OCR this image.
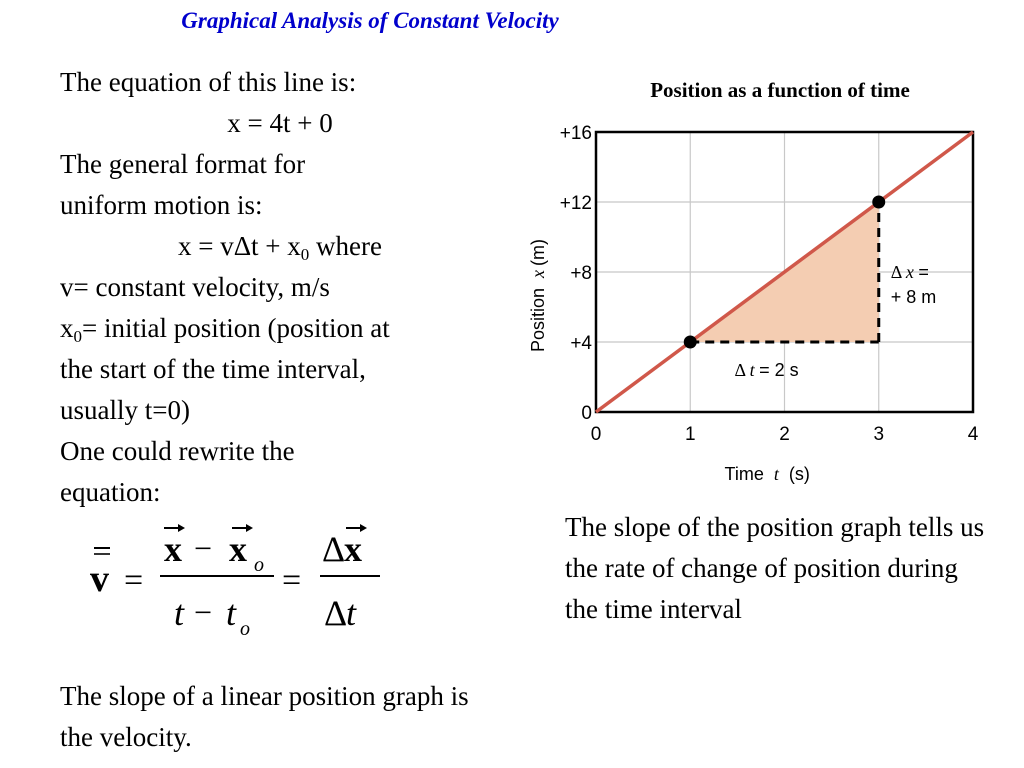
Graphical Analysis of Constant Velocity

The equation of this line is:

x = 4t + 0

The general format for

uniform motion is:

$x = v\Delta t + x_0$ where

v= constant velocity, m/s

$x_0=$ initial position (position at

the start of the time interval,

usually t=0)

One could rewrite the

equation:

v =
x − x o
t − t o
=
Δ
x
Δ
t
The slope of a linear position graph is the velocity.
Position as a function of time
0	1	2	3	4
0
+4
+8
+12
+16
Δ t = 2 s
Δ x =
+ 8 m
Time t (s)
Positionx(m)
The slope of the position graph tells us the rate of change of position during the time interval
